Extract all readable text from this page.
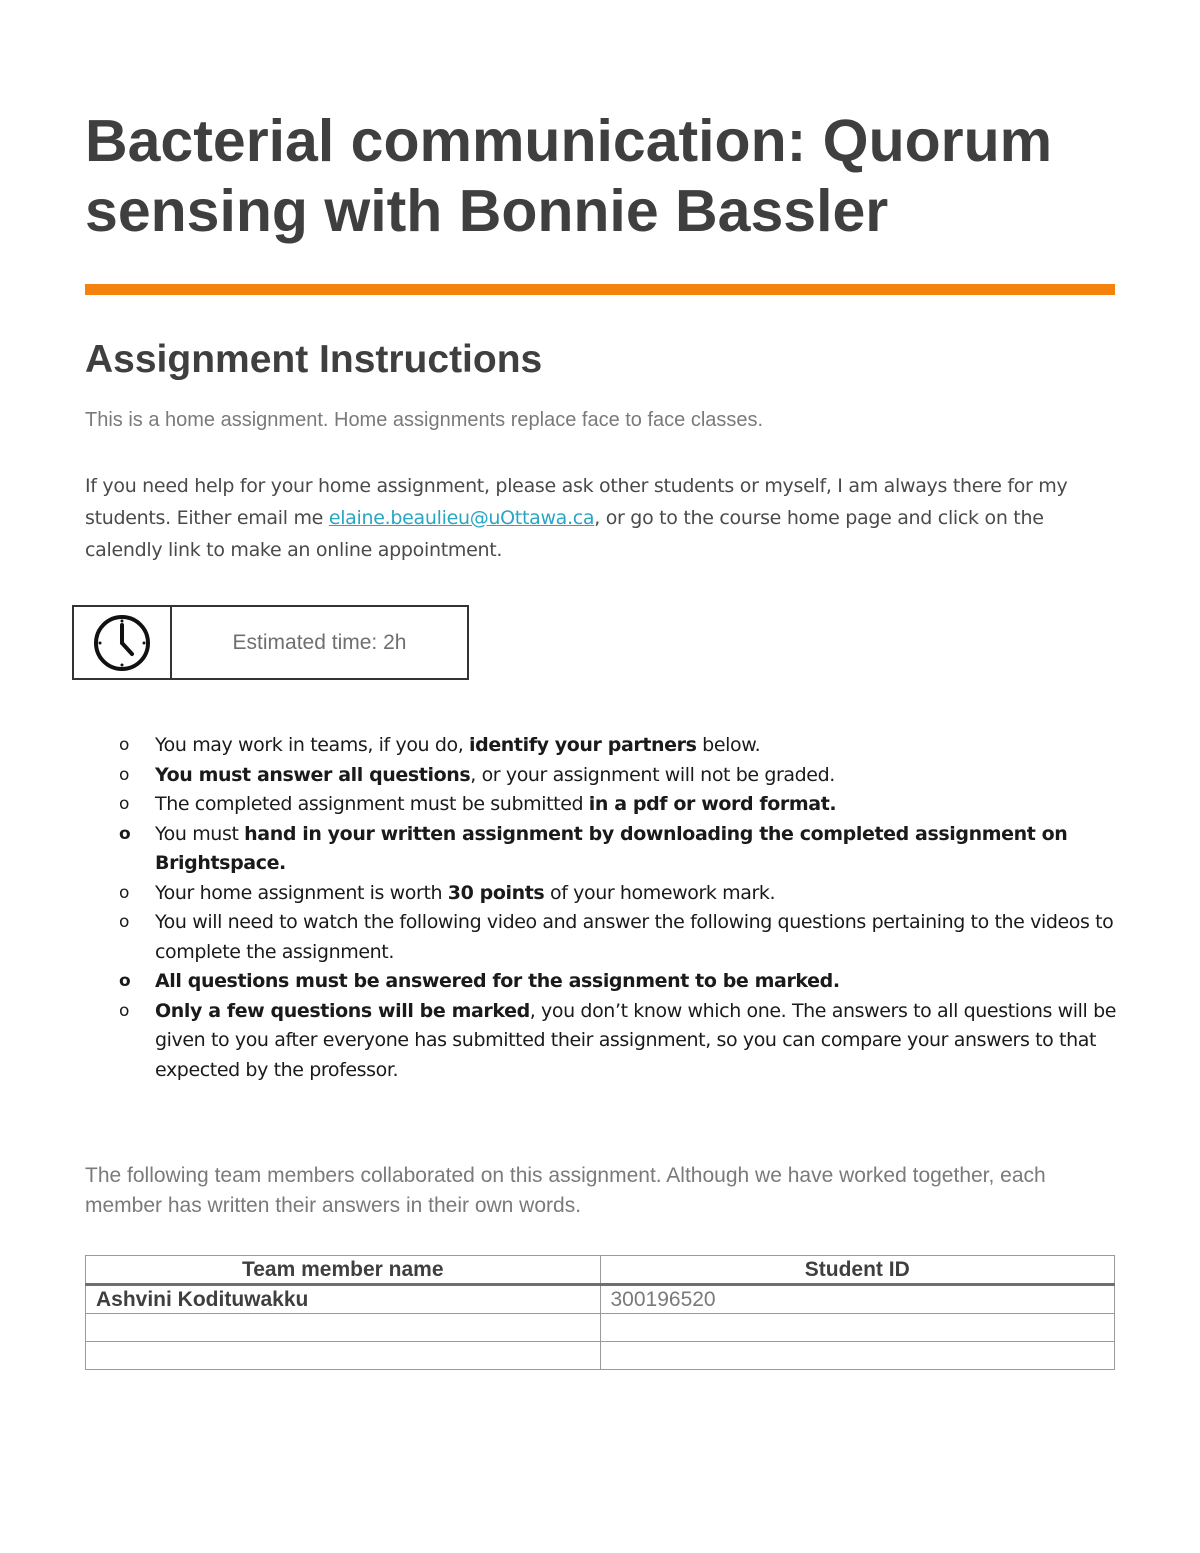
Bacterial communication: Quorum sensing with Bonnie Bassler
Assignment Instructions

This is a home assignment. Home assignments replace face to face classes.

If you need help for your home assignment, please ask other students or myself, I am always there for my students. Either email me elaine.beaulieu@uOttawa.ca, or go to the course home page and click on the calendly link to make an online appointment.

Estimated time: 2h
o You may work in teams, if you do, identify your partners below.
o You must answer all questions, or your assignment will not be graded.
o The completed assignment must be submitted in a pdf or word format.
o You must hand in your written assignment by downloading the completed assignment on Brightspace.
o Your home assignment is worth 30 points of your homework mark.
o You will need to watch the following video and answer the following questions pertaining to the videos to complete the assignment.
o All questions must be answered for the assignment to be marked.
o Only a few questions will be marked, you don’t know which one. The answers to all questions will be given to you after everyone has submitted their assignment, so you can compare your answers to that expected by the professor.

The following team members collaborated on this assignment. Although we have worked together, each member has written their answers in their own words.

Team member name	Student ID
Ashvini Kodituwakku	300196520
